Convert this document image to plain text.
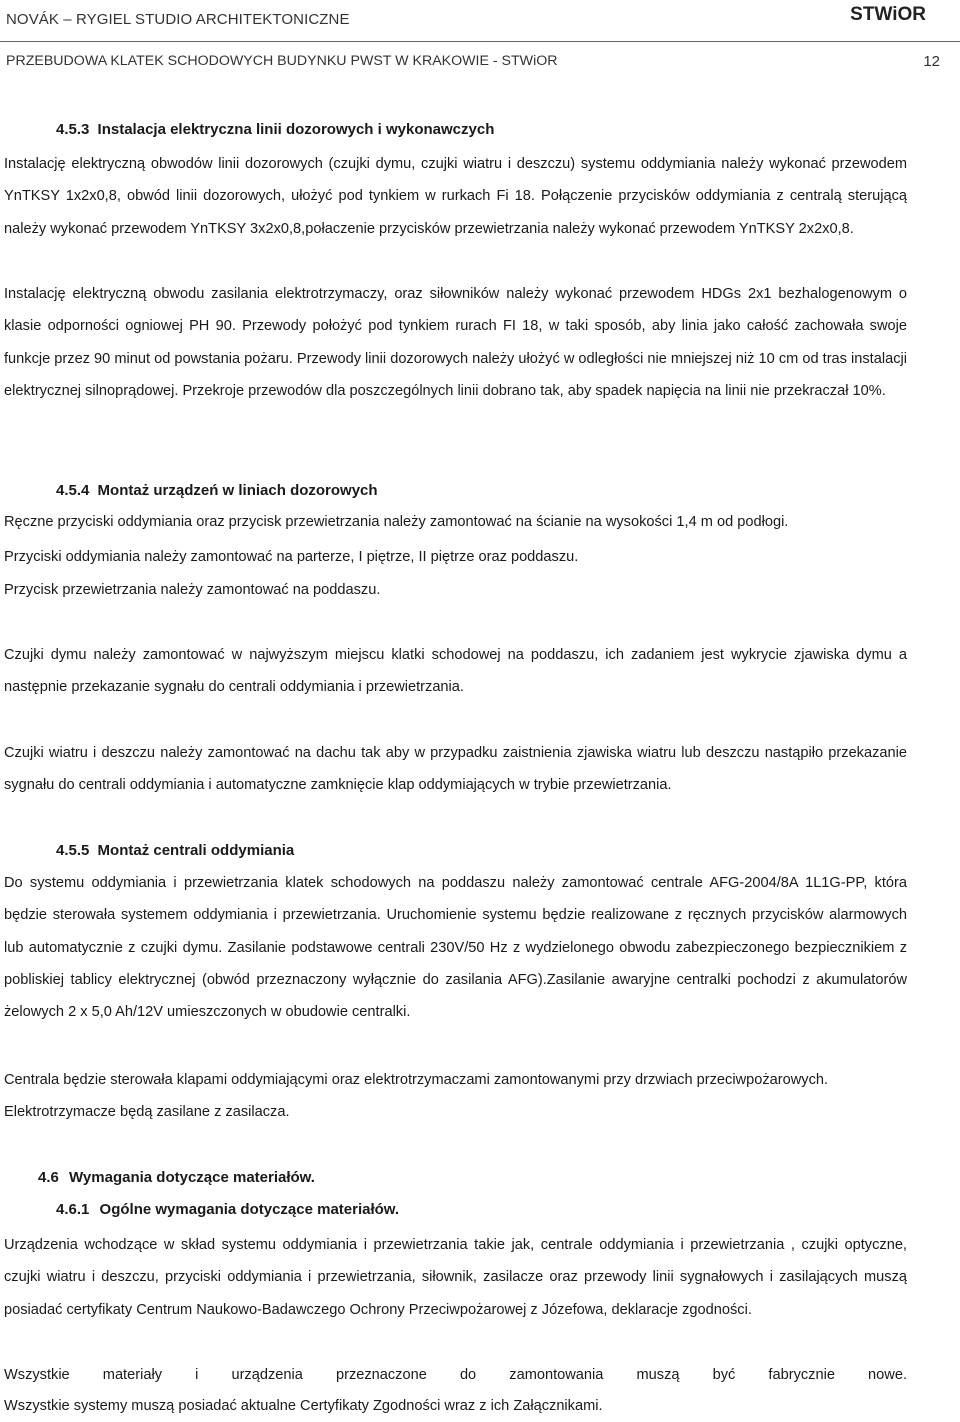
NOVÁK – RYGIEL STUDIO ARCHITEKTONICZNE	STWiOR
PRZEBUDOWA KLATEK SCHODOWYCH BUDYNKU PWST W KRAKOWIE - STWiOR	12
4.5.3 Instalacja elektryczna linii dozorowych i wykonawczych
Instalację elektryczną obwodów linii dozorowych (czujki dymu, czujki wiatru i deszczu) systemu oddymiania należy wykonać przewodem YnTKSY 1x2x0,8, obwód linii dozorowych, ułożyć pod tynkiem w rurkach Fi 18. Połączenie przycisków oddymiania z centralą sterującą należy wykonać przewodem YnTKSY 3x2x0,8,połaczenie przycisków przewietrzania należy wykonać przewodem YnTKSY 2x2x0,8.
Instalację elektryczną obwodu zasilania elektrotrzymaczy, oraz siłowników należy wykonać przewodem HDGs 2x1 bezhalogenowym o klasie odporności ogniowej PH 90. Przewody położyć pod tynkiem rurach FI 18, w taki sposób, aby linia jako całość zachowała swoje funkcje przez 90 minut od powstania pożaru. Przewody linii dozorowych należy ułożyć w odległości nie mniejszej niż 10 cm od tras instalacji elektrycznej silnoprądowej. Przekroje przewodów dla poszczególnych linii dobrano tak, aby spadek napięcia na linii nie przekraczał 10%.
4.5.4 Montaż urządzeń w liniach dozorowych
Ręczne przyciski oddymiania oraz przycisk przewietrzania należy zamontować na ścianie na wysokości 1,4 m od podłogi.
Przyciski oddymiania należy zamontować na parterze, I piętrze, II piętrze oraz poddaszu.
Przycisk przewietrzania należy zamontować na poddaszu.
Czujki dymu należy zamontować w najwyższym miejscu klatki schodowej na poddaszu, ich zadaniem jest wykrycie zjawiska dymu a następnie przekazanie sygnału do centrali oddymiania i przewietrzania.
Czujki wiatru i deszczu należy zamontować na dachu tak aby w przypadku zaistnienia zjawiska wiatru lub deszczu nastąpiło przekazanie sygnału do centrali oddymiania i automatyczne zamknięcie klap oddymiających w trybie przewietrzania.
4.5.5 Montaż centrali oddymiania
Do systemu oddymiania i przewietrzania klatek schodowych na poddaszu należy zamontować centrale AFG-2004/8A 1L1G-PP, która będzie sterowała systemem oddymiania i przewietrzania. Uruchomienie systemu będzie realizowane z ręcznych przycisków alarmowych lub automatycznie z czujki dymu. Zasilanie podstawowe centrali 230V/50 Hz z wydzielonego obwodu zabezpieczonego bezpiecznikiem z pobliskiej tablicy elektrycznej (obwód przeznaczony wyłącznie do zasilania AFG).Zasilanie awaryjne centralki pochodzi z akumulatorów żelowych 2 x 5,0 Ah/12V umieszczonych w obudowie centralki.
Centrala będzie sterowała klapami oddymiającymi oraz elektrotrzymaczami zamontowanymi przy drzwiach przeciwpożarowych.
Elektrotrzymacze będą zasilane z zasilacza.
4.6 Wymagania dotyczące materiałów.
4.6.1 Ogólne wymagania dotyczące materiałów.
Urządzenia wchodzące w skład systemu oddymiania i przewietrzania takie jak, centrale oddymiania i przewietrzania , czujki optyczne, czujki wiatru i deszczu, przyciski oddymiania i przewietrzania, siłownik, zasilacze oraz przewody linii sygnałowych i zasilających muszą posiadać certyfikaty Centrum Naukowo-Badawczego Ochrony Przeciwpożarowej z Józefowa, deklaracje zgodności.
Wszystkie materiały i urządzenia przeznaczone do zamontowania muszą być fabrycznie nowe.
Wszystkie systemy muszą posiadać aktualne Certyfikaty Zgodności wraz z ich Załącznikami.
